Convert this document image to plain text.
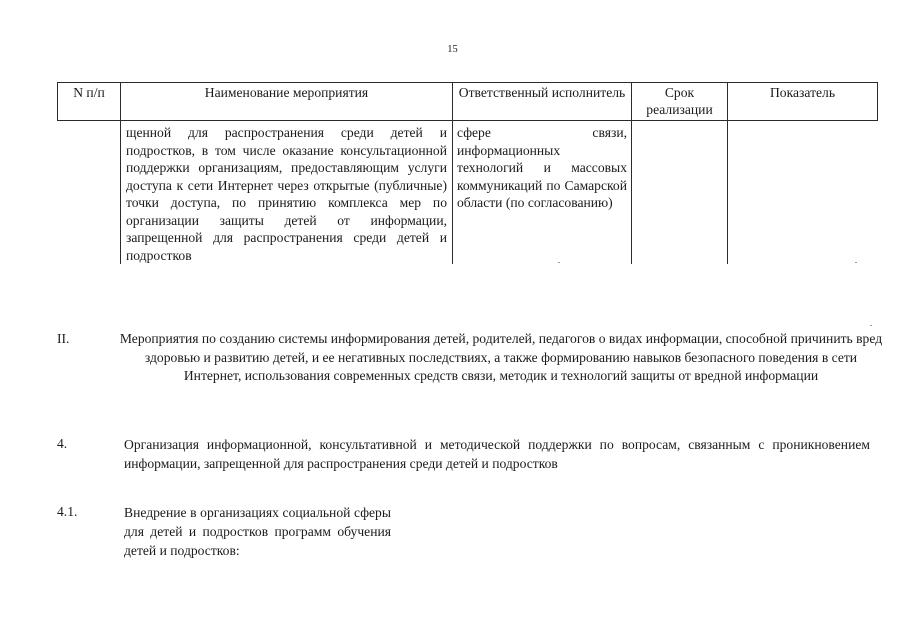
15
N п/п	Наименование мероприятия	Ответственный исполнитель	Срок реализации	Показатель
	щенной для распространения среди детей и подростков, в том числе оказание консультационной поддержки организациям, предоставляющим услуги доступа к сети Интернет через открытые (публичные) точки доступа, по принятию комплекса мер по организации защиты детей от информации, запрещенной для распространения среди детей и подростков	сфере связи, информационных технологий и массовых коммуникаций по Самарской области (по согласованию)		
II.	Мероприятия по созданию системы информирования детей, родителей, педагогов о видах информации, способной причинить вред здоровью и развитию детей, и ее негативных последствиях, а также формированию навыков безопасного поведения в сети Интернет, использования современных средств связи, методик и технологий защиты от вредной информации
4.	Организация информационной, консультативной и методической поддержки по вопросам, связанным с проникновением информации, запрещенной для распространения среди детей и подростков
4.1.	Внедрение в организациях социальной сферы для детей и подростков программ обучения детей и подростков:
